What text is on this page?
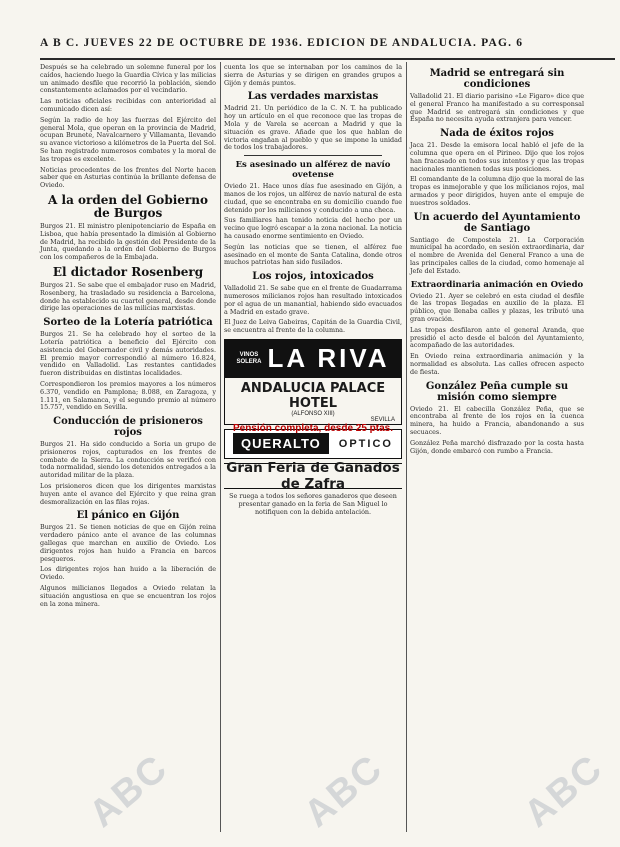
A B C. JUEVES 22 DE OCTUBRE DE 1936. EDICION DE ANDALUCIA. PAG. 6

Después se ha celebrado un solemne funeral por los caídos, haciendo luego la Guardia Cívica y las milicias un animado desfile que recorrió la población, siendo constantemente aclamados por el vecindario.

Las noticias oficiales recibidas con anterioridad al comunicado dicen así:

Según la radio de hoy las fuerzas del Ejército del general Mola, que operan en la provincia de Madrid, ocupan Brunete, Navalcarnero y Villamanta, llevando su avance victorioso a kilómetros de la Puerta del Sol. Se han registrado numerosos combates y la moral de las tropas es excelente.

Noticias procedentes de los frentes del Norte hacen saber que en Asturias continúa la brillante defensa de Oviedo.

A la orden del Gobierno de Burgos

Burgos 21. El ministro plenipotenciario de España en Lisboa, que había presentado la dimisión al Gobierno de Madrid, ha recibido la gestión del Presidente de la Junta, quedando a la orden del Gobierno de Burgos con los compañeros de la Embajada.

El dictador Rosenberg

Burgos 21. Se sabe que el embajador ruso en Madrid, Rosenberg, ha trasladado su residencia a Barcelona, donde ha establecido su cuartel general, desde donde dirige las operaciones de las milicias marxistas.

Sorteo de la Lotería patriótica

Burgos 21. Se ha celebrado hoy el sorteo de la Lotería patriótica a beneficio del Ejército con asistencia del Gobernador civil y demás autoridades. El premio mayor correspondió al número 16.824, vendido en Valladolid. Las restantes cantidades fueron distribuidas en distintas localidades.

Correspondieron los premios mayores a los números 6.370, vendido en Pamplona; 8.088, en Zaragoza, y 1.111, en Salamanca, y el segundo premio al número 15.757, vendido en Sevilla.

Conducción de prisioneros rojos

Burgos 21. Ha sido conducido a Soria un grupo de prisioneros rojos, capturados en los frentes de combate de la Sierra. La conducción se verificó con toda normalidad, siendo los detenidos entregados a la autoridad militar de la plaza.

Los prisioneros dicen que los dirigentes marxistas huyen ante el avance del Ejército y que reina gran desmoralización en las filas rojas.

El pánico en Gijón

Burgos 21. Se tienen noticias de que en Gijón reina verdadero pánico ante el avance de las columnas gallegas que marchan en auxilio de Oviedo. Los dirigentes rojos han huido a Francia en barcos pesqueros.

Los dirigentes rojos han huido a la liberación de Oviedo.

Algunos milicianos llegados a Oviedo relatan la situación angustiosa en que se encuentran los rojos en la zona minera.

cuenta los que se internaban por los caminos de la sierra de Asturias y se dirigen en grandes grupos a Gijón y demás puntos.

Las verdades marxistas

Madrid 21. Un periódico de la C. N. T. ha publicado hoy un artículo en el que reconoce que las tropas de Mola y de Varela se acercan a Madrid y que la situación es grave. Añade que los que hablan de victoria engañan al pueblo y que se impone la unidad de todos los trabajadores.

Es asesinado un alférez de navío ovetense

Oviedo 21. Hace unos días fue asesinado en Gijón, a manos de los rojos, un alférez de navío natural de esta ciudad, que se encontraba en su domicilio cuando fue detenido por los milicianos y conducido a una checa.

Sus familiares han tenido noticia del hecho por un vecino que logró escapar a la zona nacional. La noticia ha causado enorme sentimiento en Oviedo.

Según las noticias que se tienen, el alférez fue asesinado en el monte de Santa Catalina, donde otros muchos patriotas han sido fusilados.

Los rojos, intoxicados

Valladolid 21. Se sabe que en el frente de Guadarrama numerosos milicianos rojos han resultado intoxicados por el agua de un manantial, habiendo sido evacuados a Madrid en estado grave.

El Juez de Leiva Gabeiras, Capitán de la Guardia Civil, se encuentra al frente de la columna.

VINOS
SOLERA LA RIVA
ANDALUCIA PALACE HOTEL
(ALFONSO XIII)
SEVILLA
Pensión completa, desde 25 ptas.
QUERALTO	OPTICO
Gran Feria de Ganados de Zafra

Se ruega a todos los señores ganaderos que deseen presentar ganado en la feria de San Miguel lo notifiquen con la debida antelación.

Madrid se entregará sin condiciones

Valladolid 21. El diario parisino «Le Figaro» dice que el general Franco ha manifestado a su corresponsal que Madrid se entregará sin condiciones y que España no necesita ayuda extranjera para vencer.

Nada de éxitos rojos

Jaca 21. Desde la emisora local habló el jefe de la columna que opera en el Pirineo. Dijo que los rojos han fracasado en todos sus intentos y que las tropas nacionales mantienen todas sus posiciones.

El comandante de la columna dijo que la moral de las tropas es inmejorable y que los milicianos rojos, mal armados y peor dirigidos, huyen ante el empuje de nuestros soldados.

Un acuerdo del Ayuntamiento de Santiago

Santiago de Compostela 21. La Corporación municipal ha acordado, en sesión extraordinaria, dar el nombre de Avenida del General Franco a una de las principales calles de la ciudad, como homenaje al Jefe del Estado.

Extraordinaria animación en Oviedo

Oviedo 21. Ayer se celebró en esta ciudad el desfile de las tropas llegadas en auxilio de la plaza. El público, que llenaba calles y plazas, les tributó una gran ovación.

Las tropas desfilaron ante el general Aranda, que presidió el acto desde el balcón del Ayuntamiento, acompañado de las autoridades.

En Oviedo reina extraordinaria animación y la normalidad es absoluta. Las calles ofrecen aspecto de fiesta.

González Peña cumple su misión como siempre

Oviedo 21. El cabecilla González Peña, que se encontraba al frente de los rojos en la cuenca minera, ha huido a Francia, abandonando a sus secuaces.

González Peña marchó disfrazado por la costa hasta Gijón, donde embarcó con rumbo a Francia.

ABC	ABC	ABC
